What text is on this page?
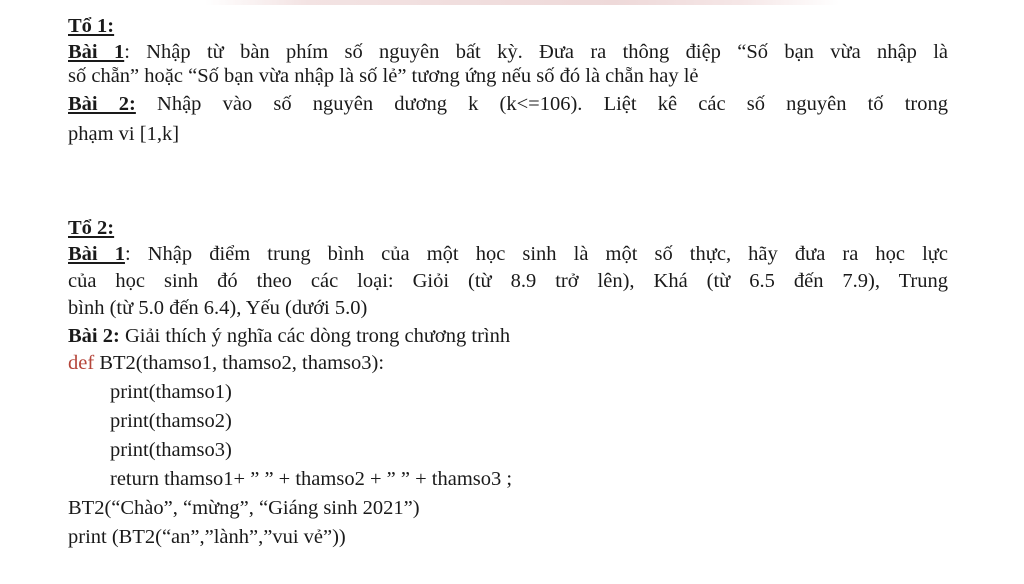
Tổ 1:
Bài 1: Nhập từ bàn phím số nguyên bất kỳ. Đưa ra thông điệp “Số bạn vừa nhập là
số chẵn” hoặc “Số bạn vừa nhập là số lẻ” tương ứng nếu số đó là chẵn hay lẻ
Bài 2: Nhập vào số nguyên dương k (k<=106). Liệt kê các số nguyên tố trong
phạm vi [1,k]
Tổ 2:
Bài 1: Nhập điểm trung bình của một học sinh là một số thực, hãy đưa ra học lực
của học sinh đó theo các loại: Giỏi (từ 8.9 trở lên), Khá (từ 6.5 đến 7.9), Trung
bình (từ 5.0 đến 6.4), Yếu (dưới 5.0)
Bài 2: Giải thích ý nghĩa các dòng trong chương trình
def BT2(thamso1, thamso2, thamso3):
print(thamso1)
print(thamso2)
print(thamso3)
return thamso1+ ” ” + thamso2 + ” ” + thamso3 ;
BT2(“Chào”, “mừng”, “Giáng sinh 2021”)
print (BT2(“an”,”lành”,”vui vẻ”))
